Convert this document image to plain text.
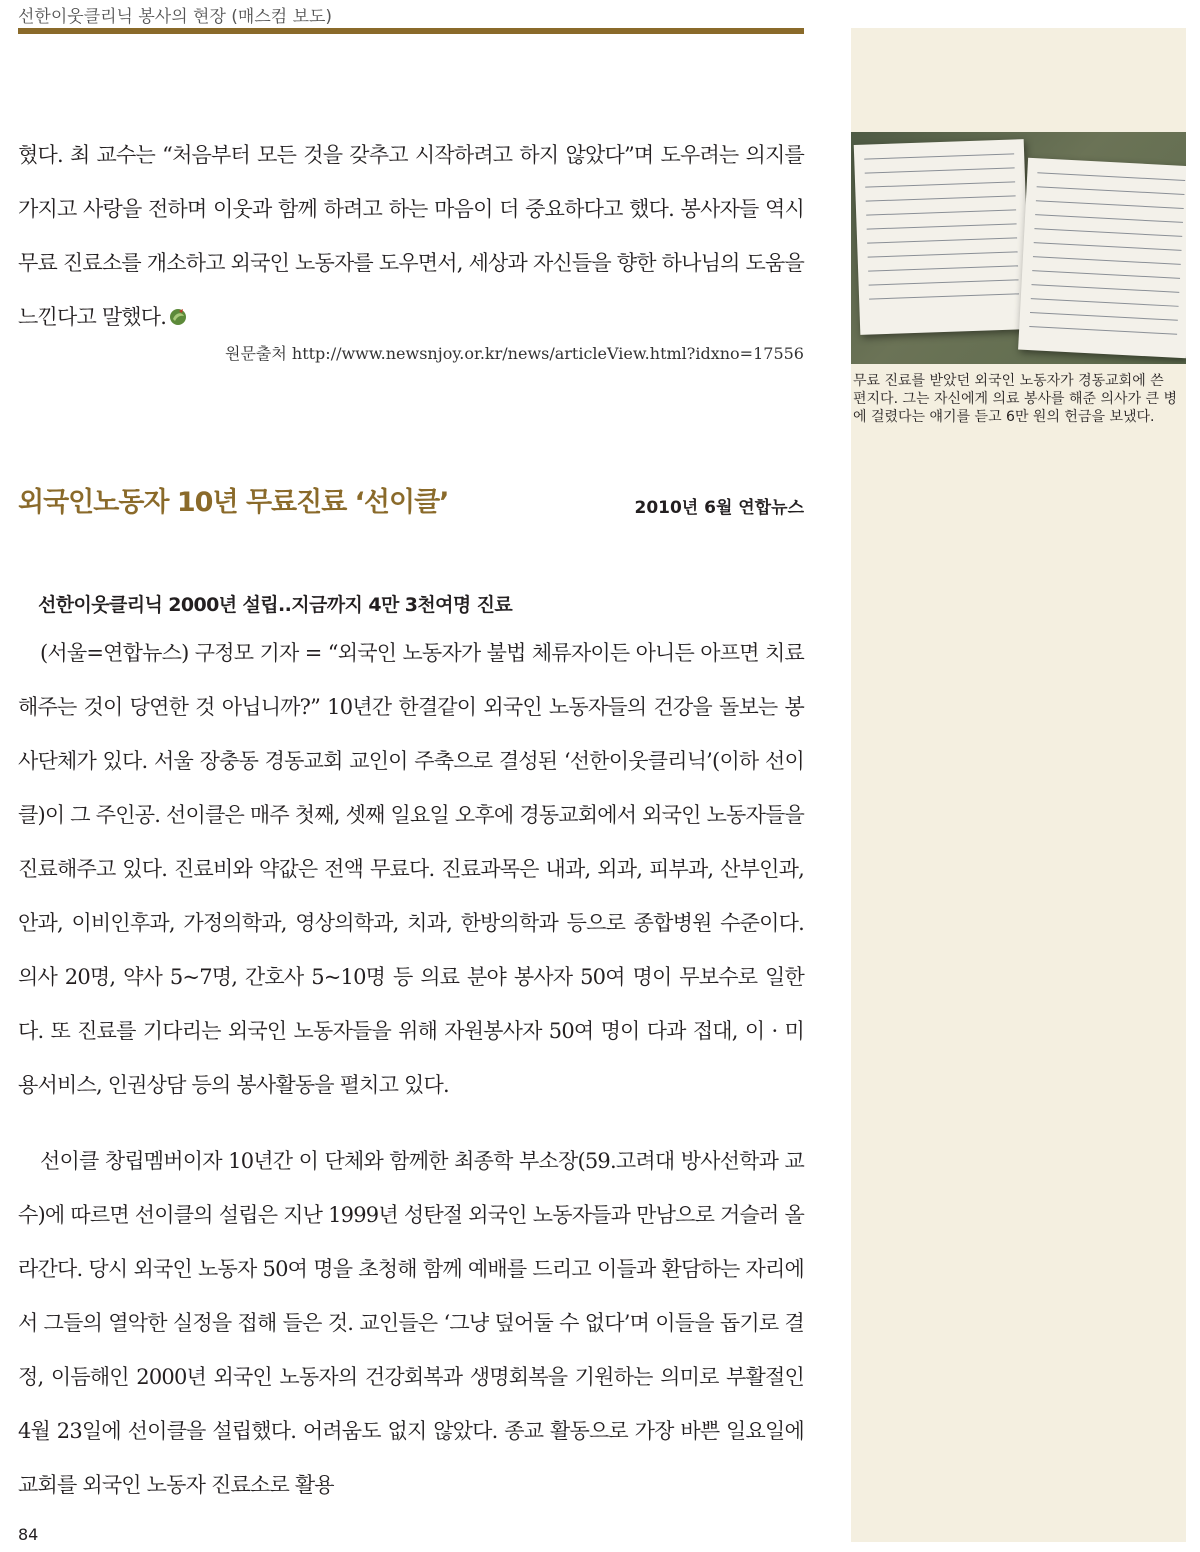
선한이웃클리닉 봉사의 현장 (매스컴 보도)

무료 진료를 받았던 외국인 노동자가 경동교회에 쓴 편지다. 그는 자신에게 의료 봉사를 해준 의사가 큰 병에 걸렸다는 얘기를 듣고 6만 원의 헌금을 보냈다.

혔다. 최 교수는 “처음부터 모든 것을 갖추고 시작하려고 하지 않았다”며 도우려는 의지를 가지고 사랑을 전하며 이웃과 함께 하려고 하는 마음이 더 중요하다고 했다. 봉사자들 역시 무료 진료소를 개소하고 외국인 노동자를 도우면서, 세상과 자신들을 향한 하나님의 도움을 느낀다고 말했다.

원문출처 http://www.newsnjoy.or.kr/news/articleView.html?idxno=17556

외국인노동자 10년 무료진료 ‘선이클’	2010년 6월 연합뉴스

선한이웃클리닉 2000년 설립..지금까지 4만 3천여명 진료

(서울=연합뉴스) 구정모 기자 = “외국인 노동자가 불법 체류자이든 아니든 아프면 치료해주는 것이 당연한 것 아닙니까?” 10년간 한결같이 외국인 노동자들의 건강을 돌보는 봉사단체가 있다. 서울 장충동 경동교회 교인이 주축으로 결성된 ‘선한이웃클리닉’(이하 선이클)이 그 주인공. 선이클은 매주 첫째, 셋째 일요일 오후에 경동교회에서 외국인 노동자들을 진료해주고 있다. 진료비와 약값은 전액 무료다. 진료과목은 내과, 외과, 피부과, 산부인과, 안과, 이비인후과, 가정의학과, 영상의학과, 치과, 한방의학과 등으로 종합병원 수준이다. 의사 20명, 약사 5~7명, 간호사 5~10명 등 의료 분야 봉사자 50여 명이 무보수로 일한다. 또 진료를 기다리는 외국인 노동자들을 위해 자원봉사자 50여 명이 다과 접대, 이 · 미용서비스, 인권상담 등의 봉사활동을 펼치고 있다.

선이클 창립멤버이자 10년간 이 단체와 함께한 최종학 부소장(59.고려대 방사선학과 교수)에 따르면 선이클의 설립은 지난 1999년 성탄절 외국인 노동자들과 만남으로 거슬러 올라간다. 당시 외국인 노동자 50여 명을 초청해 함께 예배를 드리고 이들과 환담하는 자리에서 그들의 열악한 실정을 접해 들은 것. 교인들은 ‘그냥 덮어둘 수 없다’며 이들을 돕기로 결정, 이듬해인 2000년 외국인 노동자의 건강회복과 생명회복을 기원하는 의미로 부활절인 4월 23일에 선이클을 설립했다. 어려움도 없지 않았다. 종교 활동으로 가장 바쁜 일요일에 교회를 외국인 노동자 진료소로 활용

84
